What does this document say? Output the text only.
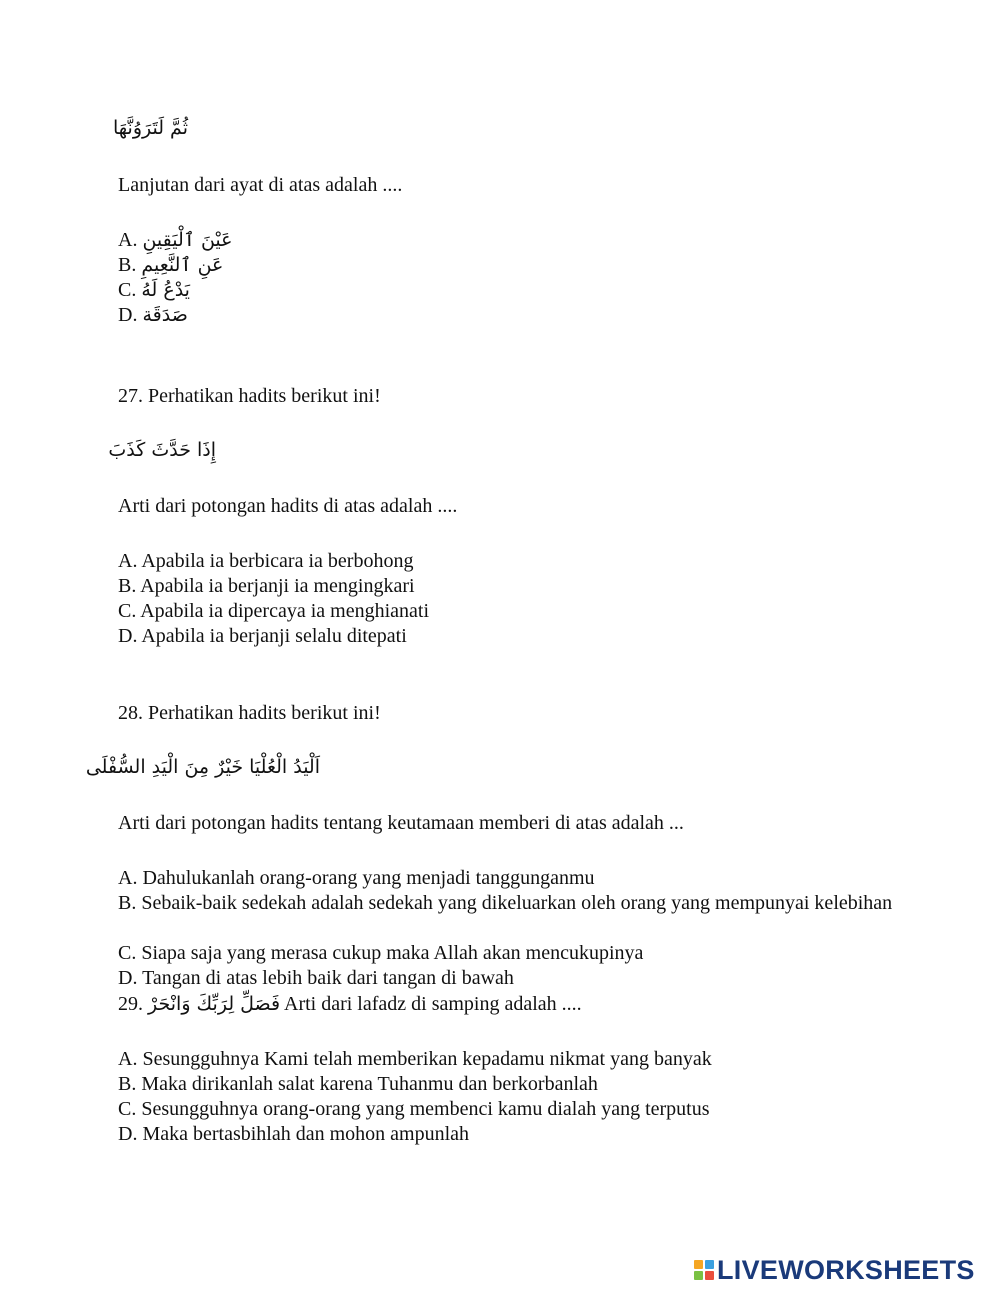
ثُمَّ لَتَرَوُنَّهَا
Lanjutan dari ayat di atas adalah ....
A. عَيْنَ ٱلْيَقِينِ
B. عَنِ ٱلنَّعِيمِ
C. يَدْعُ لَهُ
D. صَدَقَة
27. Perhatikan hadits berikut ini!
إِذَا حَدَّثَ كَذَبَ
Arti dari potongan hadits di atas adalah ....
A. Apabila ia berbicara ia berbohong
B. Apabila ia berjanji ia mengingkari
C. Apabila ia dipercaya ia menghianati
D. Apabila ia berjanji selalu ditepati
28. Perhatikan hadits berikut ini!
اَلْيَدُ الْعُلْيَا خَيْرٌ مِنَ الْيَدِ السُّفْلَى
Arti dari potongan hadits tentang keutamaan memberi di atas adalah ...
A. Dahulukanlah orang-orang yang menjadi tanggunganmu
B. Sebaik-baik sedekah adalah sedekah yang dikeluarkan oleh orang yang mempunyai kelebihan
C. Siapa saja yang merasa cukup maka Allah akan mencukupinya
D. Tangan di atas lebih baik dari tangan di bawah
29. فَصَلِّ لِرَبِّكَ وَانْحَرْ Arti dari lafadz di samping adalah ....
A. Sesungguhnya Kami telah memberikan kepadamu nikmat yang banyak
B. Maka dirikanlah salat karena Tuhanmu dan berkorbanlah
C. Sesungguhnya orang-orang yang membenci kamu dialah yang terputus
D. Maka bertasbihlah dan mohon ampunlah
LIVEWORKSHEETS
